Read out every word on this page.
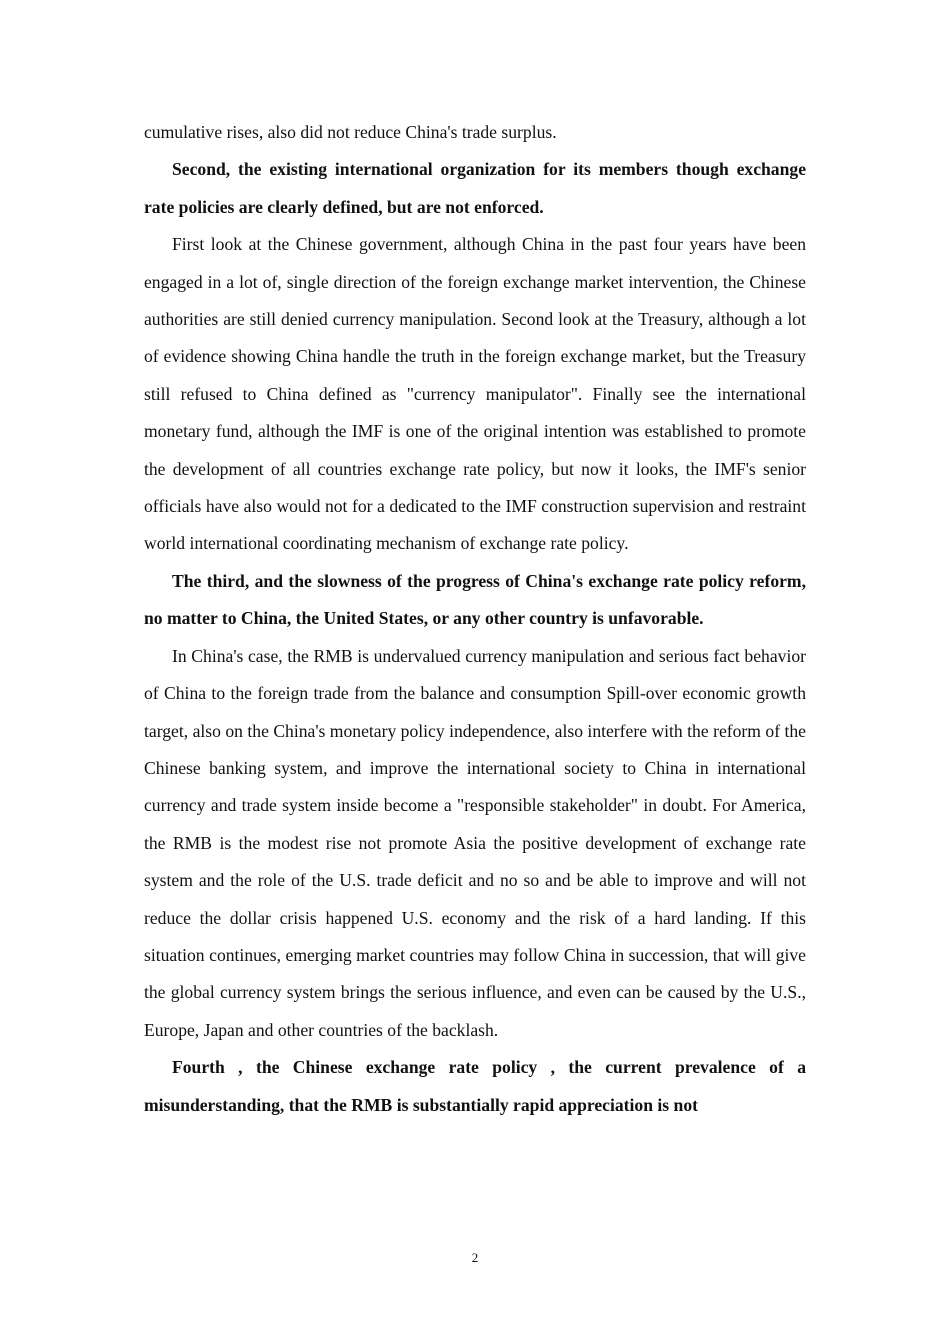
cumulative rises, also did not reduce China's trade surplus.

Second, the existing international organization for its members though exchange rate policies are clearly defined, but are not enforced.

First look at the Chinese government, although China in the past four years have been engaged in a lot of, single direction of the foreign exchange market intervention, the Chinese authorities are still denied currency manipulation. Second look at the Treasury, although a lot of evidence showing China handle the truth in the foreign exchange market, but the Treasury still refused to China defined as "currency manipulator". Finally see the international monetary fund, although the IMF is one of the original intention was established to promote the development of all countries exchange rate policy, but now it looks, the IMF's senior officials have also would not for a dedicated to the IMF construction supervision and restraint world international coordinating mechanism of exchange rate policy.

The third, and the slowness of the progress of China's exchange rate policy reform, no matter to China, the United States, or any other country is unfavorable.

In China's case, the RMB is undervalued currency manipulation and serious fact behavior of China to the foreign trade from the balance and consumption Spill-over economic growth target, also on the China's monetary policy independence, also interfere with the reform of the Chinese banking system, and improve the international society to China in international currency and trade system inside become a "responsible stakeholder" in doubt. For America, the RMB is the modest rise not promote Asia the positive development of exchange rate system and the role of the U.S. trade deficit and no so and be able to improve and will not reduce the dollar crisis happened U.S. economy and the risk of a hard landing. If this situation continues, emerging market countries may follow China in succession, that will give the global currency system brings the serious influence, and even can be caused by the U.S., Europe, Japan and other countries of the backlash.

Fourth , the Chinese exchange rate policy , the current prevalence of a misunderstanding, that the RMB is substantially rapid appreciation is not

2
